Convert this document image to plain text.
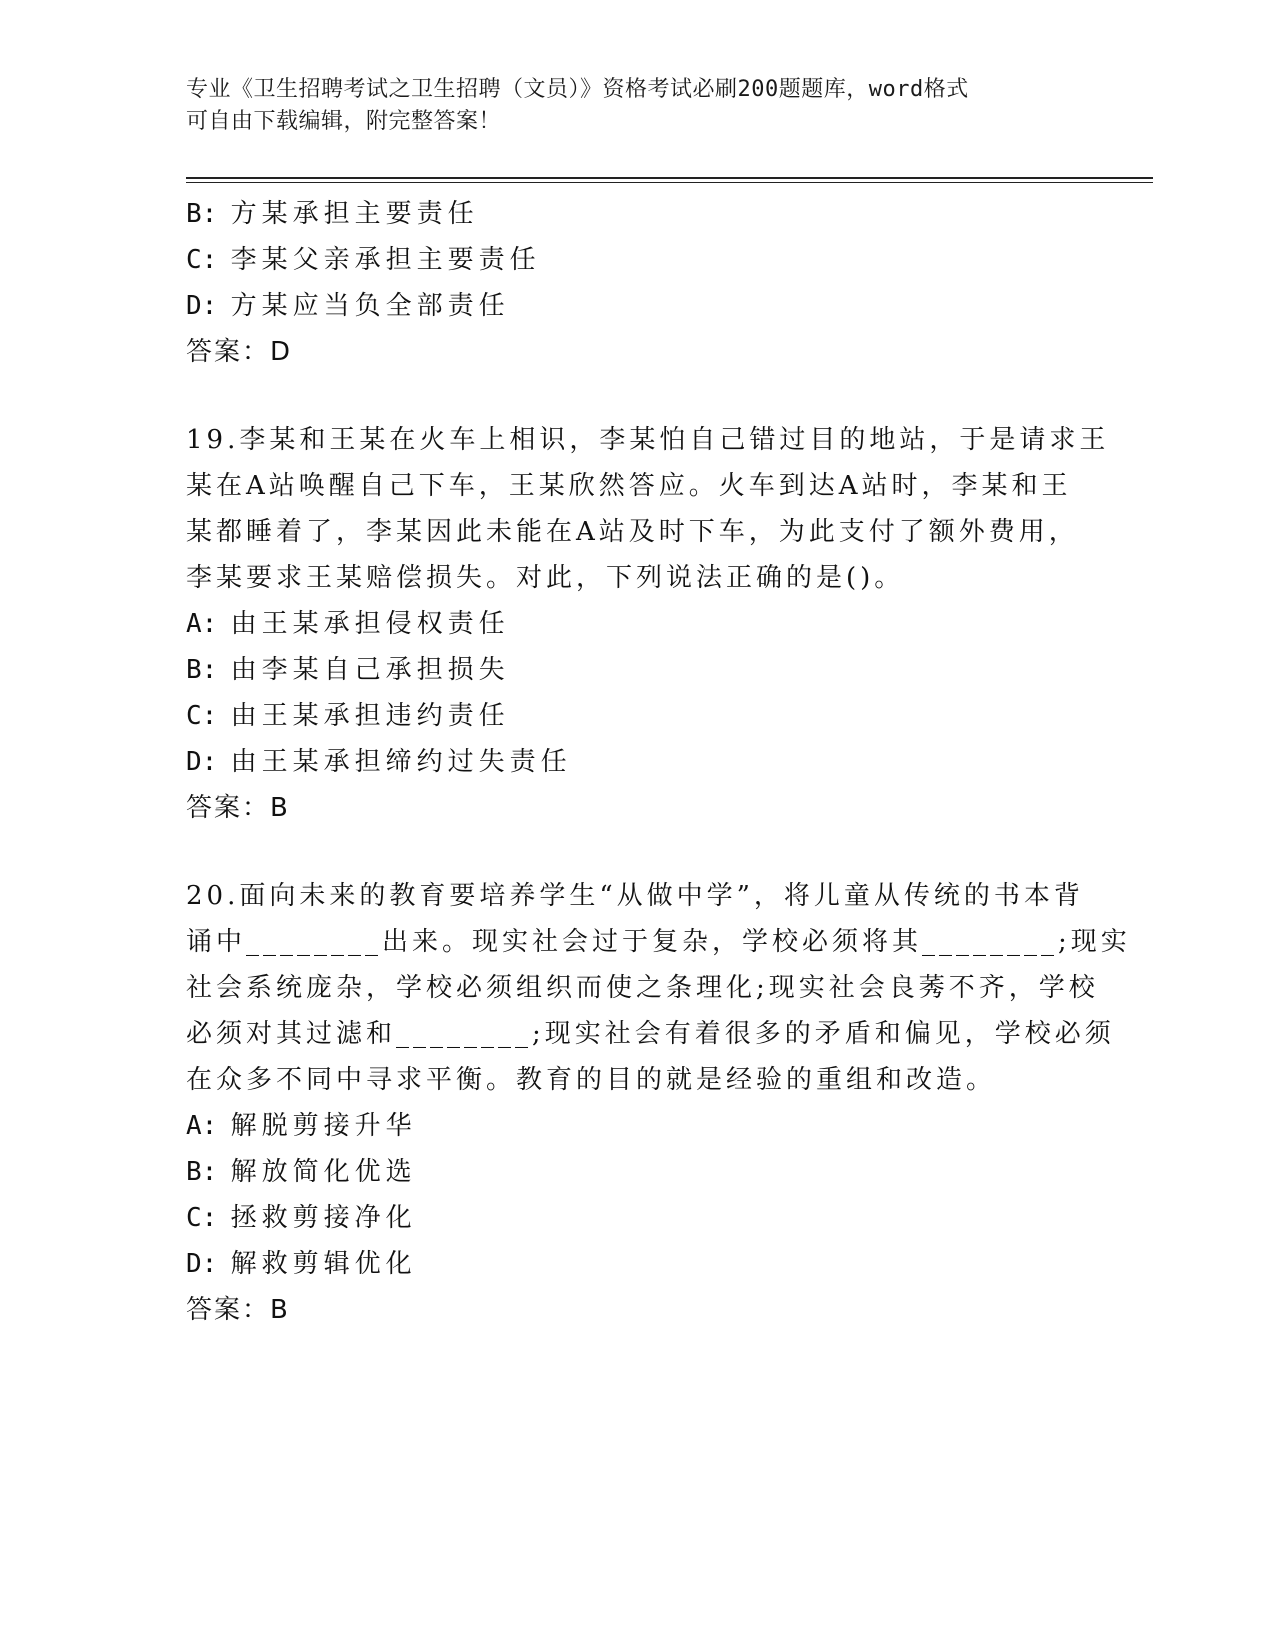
专业《卫生招聘考试之卫生招聘（文员）》资格考试必刷200题题库，word格式
可自由下载编辑，附完整答案！
B: 方某承担主要责任
C: 李某父亲承担主要责任
D: 方某应当负全部责任
答案：D
19.李某和王某在火车上相识，李某怕自己错过目的地站，于是请求王
某在A站唤醒自己下车，王某欣然答应。火车到达A站时，李某和王
某都睡着了，李某因此未能在A站及时下车，为此支付了额外费用，
李某要求王某赔偿损失。对此，下列说法正确的是()。
A: 由王某承担侵权责任
B: 由李某自己承担损失
C: 由王某承担违约责任
D: 由王某承担缔约过失责任
答案：B
20.面向未来的教育要培养学生“从做中学”，将儿童从传统的书本背
诵中________出来。现实社会过于复杂，学校必须将其________;现实
社会系统庞杂，学校必须组织而使之条理化;现实社会良莠不齐，学校
必须对其过滤和________;现实社会有着很多的矛盾和偏见，学校必须
在众多不同中寻求平衡。教育的目的就是经验的重组和改造。
A: 解脱剪接升华
B: 解放简化优选
C: 拯救剪接净化
D: 解救剪辑优化
答案：B
